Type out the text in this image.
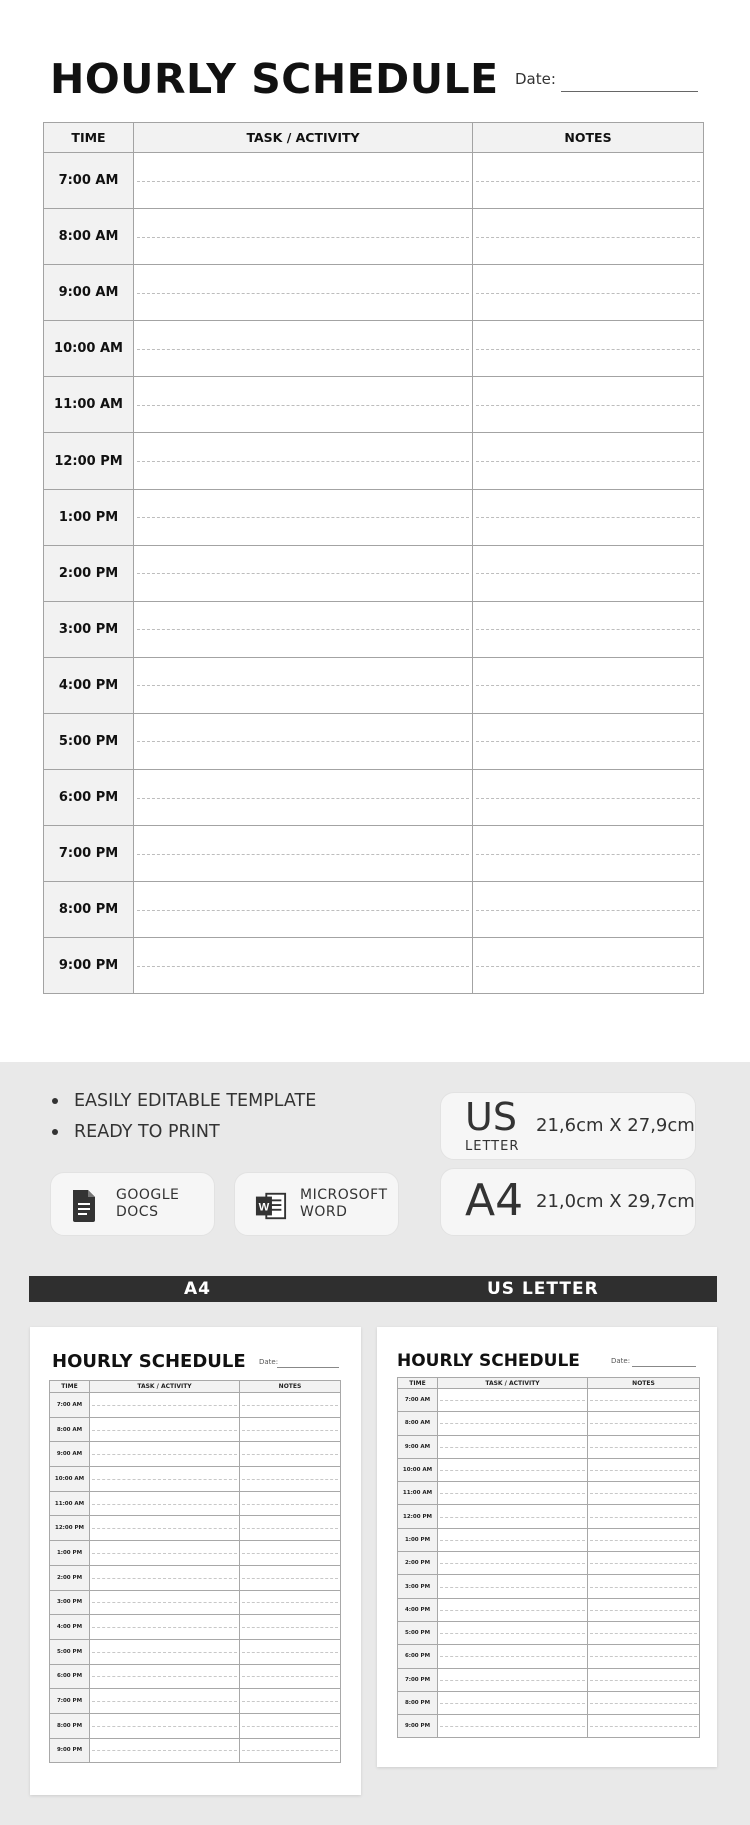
HOURLY SCHEDULE Date:
TIME	TASK / ACTIVITY	NOTES
7:00 AM		
8:00 AM		
9:00 AM		
10:00 AM		
11:00 AM		
12:00 PM		
1:00 PM		
2:00 PM		
3:00 PM		
4:00 PM		
5:00 PM		
6:00 PM		
7:00 PM		
8:00 PM		
9:00 PM		
EASILY EDITABLE TEMPLATE
READY TO PRINT
GOOGLE
DOCS	W
MICROSOFT
WORD
US
LETTER
21,6cm X 27,9cm
A4 21,0cm X 29,7cm
A4	US LETTER
HOURLY SCHEDULE Date:
TIME	TASK / ACTIVITY	NOTES
7:00 AM		
8:00 AM		
9:00 AM		
10:00 AM		
11:00 AM		
12:00 PM		
1:00 PM		
2:00 PM		
3:00 PM		
4:00 PM		
5:00 PM		
6:00 PM		
7:00 PM		
8:00 PM		
9:00 PM		
HOURLY SCHEDULE	Date:
TIME	TASK / ACTIVITY	NOTES
7:00 AM		
8:00 AM		
9:00 AM		
10:00 AM		
11:00 AM		
12:00 PM		
1:00 PM		
2:00 PM		
3:00 PM		
4:00 PM		
5:00 PM		
6:00 PM		
7:00 PM		
8:00 PM		
9:00 PM		
